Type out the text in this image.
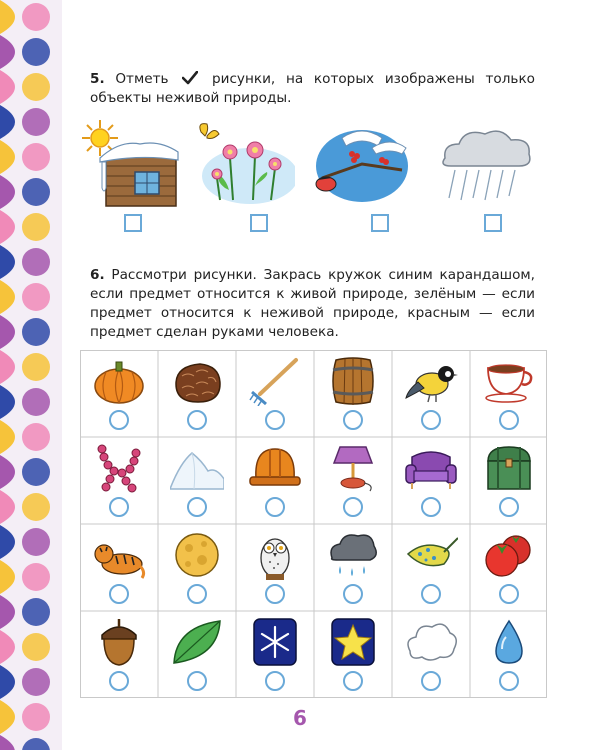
5. Отметь	рисунки, на которых изображены только объекты неживой природы.
6. Рассмотри рисунки. Закрась кружок синим карандашом, если предмет относится к живой природе, зелёным — если предмет относится к неживой природе, красным — если предмет сделан руками человека.
6
